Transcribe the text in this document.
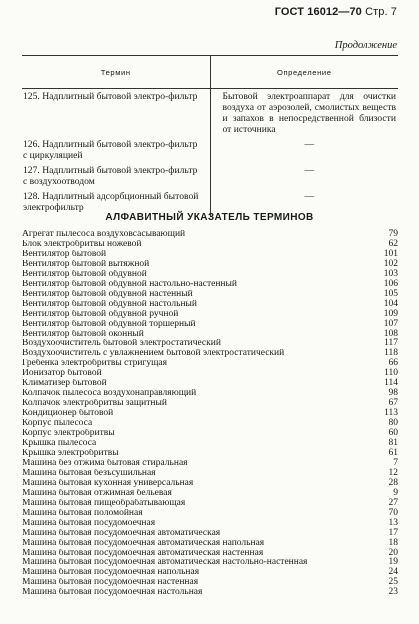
ГОСТ 16012—70 Стр. 7
Продолжение
Термин	Определение
125. Надплитный бытовой электро-фильтр	Бытовой электроаппарат для очистки воздуха от аэрозолей, смолистых веществ и запахов в непосредственной близости от источника
126. Надплитный бытовой электро-фильтр с циркуляцией	—
127. Надплитный бытовой электро-фильтр с воздухоотводом	—
128. Надплитный адсорбционный бытовой электрофильтр	—
АЛФАВИТНЫЙ УКАЗАТЕЛЬ ТЕРМИНОВ
Агрегат пылесоса воздуховсасывающий	79
Блок электробритвы ножевой	62
Вентилятор бытовой	101
Вентилятор бытовой вытяжной	102
Вентилятор бытовой обдувной	103
Вентилятор бытовой обдувной настольно-настенный	106
Вентилятор бытовой обдувной настенный	105
Вентилятор бытовой обдувной настольный	104
Вентилятор бытовой обдувной ручной	109
Вентилятор бытовой обдувной торшерный	107
Вентилятор бытовой оконный	108
Воздухоочиститель бытовой электростатический	117
Воздухоочиститель с увлажнением бытовой электростатический	118
Гребенка электробритвы стригущая	66
Ионизатор бытовой	110
Климатизер бытовой	114
Колпачок пылесоса воздухонаправляющий	98
Колпачок электробритвы защитный	67
Кондиционер бытовой	113
Корпус пылесоса	80
Корпус электробритвы	60
Крышка пылесоса	81
Крышка электробритвы	61
Машина без отжима бытовая стиральная	7
Машина бытовая безъсушильная	12
Машина бытовая кухонная универсальная	28
Машина бытовая отжимная бельевая	9
Машина бытовая пищеобрабатывающая	27
Машина бытовая поломойная	70
Машина бытовая посудомоечная	13
Машина бытовая посудомоечная автоматическая	17
Машина бытовая посудомоечная автоматическая напольная	18
Машина бытовая посудомоечная автоматическая настенная	20
Машина бытовая посудомоечная автоматическая настольно-настенная	19
Машина бытовая посудомоечная напольная	24
Машина бытовая посудомоечная настенная	25
Машина бытовая посудомоечная настольная	23
